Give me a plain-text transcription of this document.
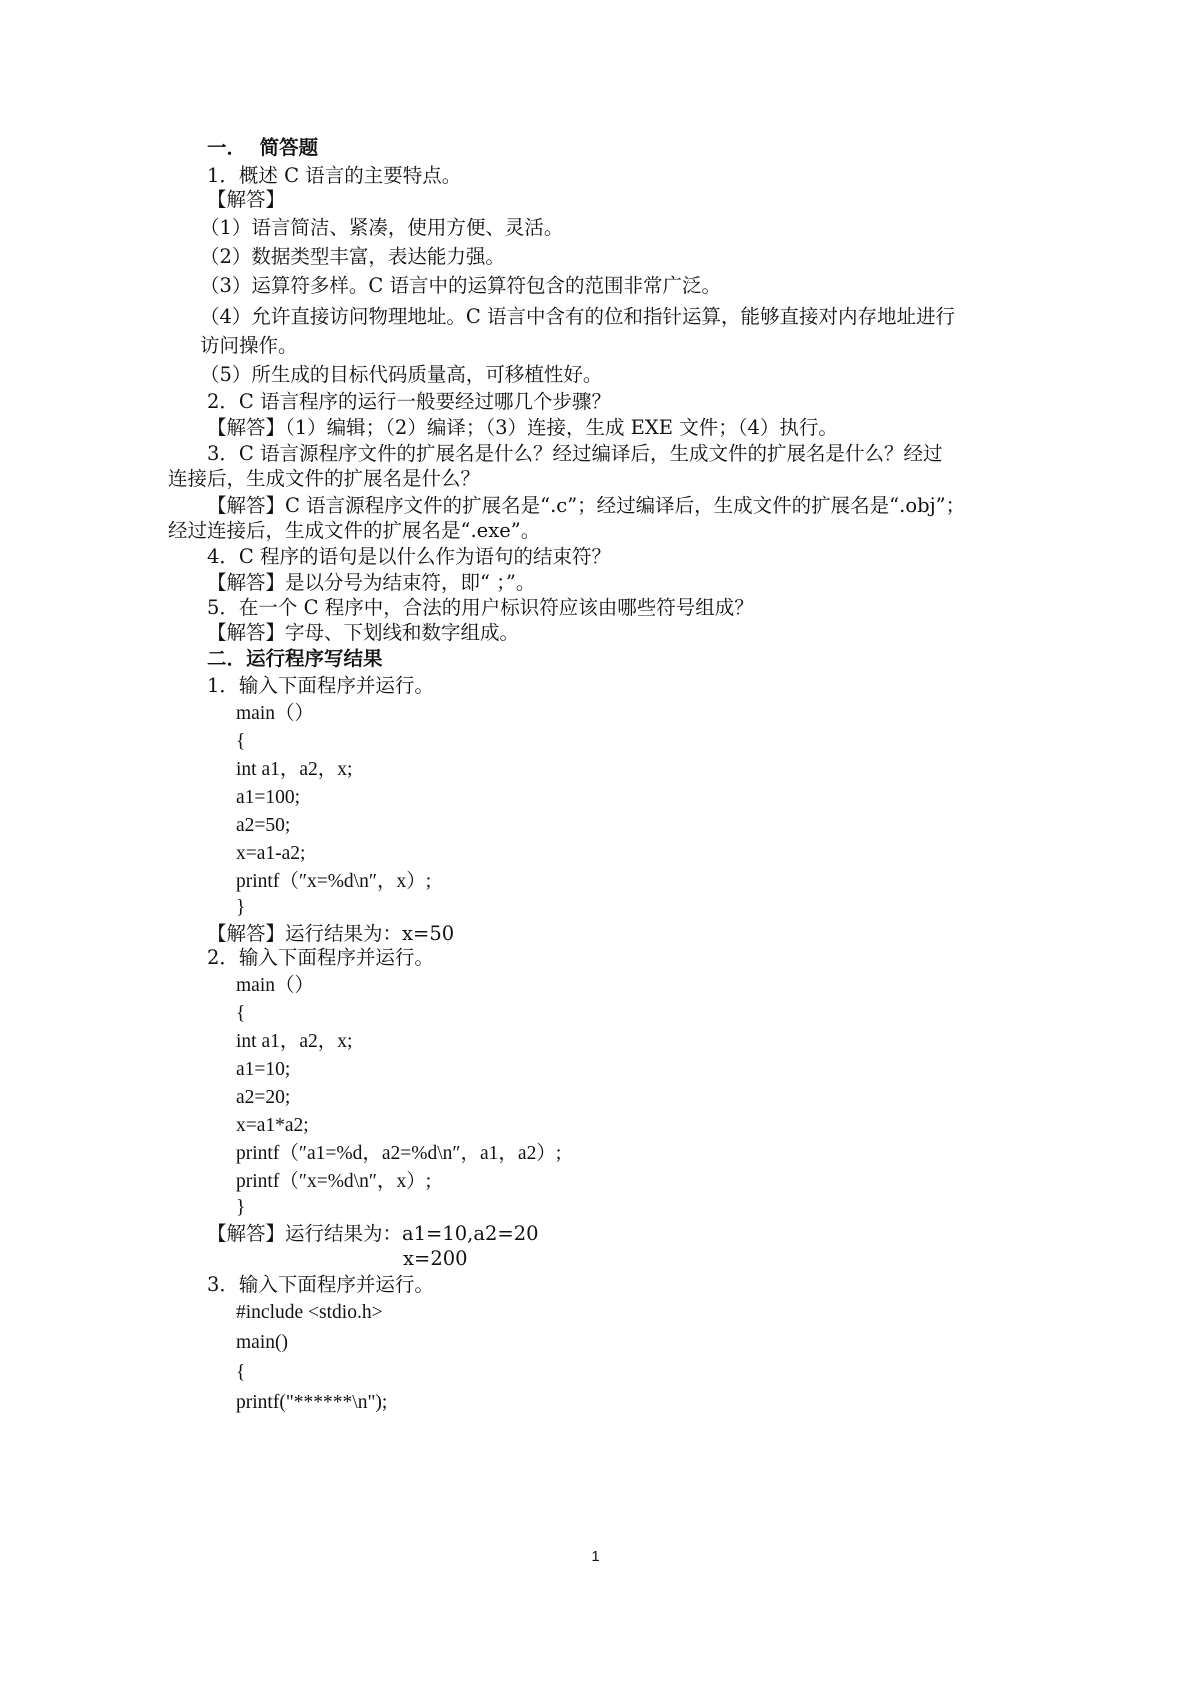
一．  简答题
1．概述 C 语言的主要特点。
【解答】
（1）语言简洁、紧凑，使用方便、灵活。
（2）数据类型丰富，表达能力强。
（3）运算符多样。C 语言中的运算符包含的范围非常广泛。
（4）允许直接访问物理地址。C 语言中含有的位和指针运算，能够直接对内存地址进行
访问操作。
（5）所生成的目标代码质量高，可移植性好。
2．C 语言程序的运行一般要经过哪几个步骤？
【解答】（1）编辑；（2）编译；（3）连接，生成 EXE 文件；（4）执行。
3．C 语言源程序文件的扩展名是什么？经过编译后，生成文件的扩展名是什么？经过
连接后，生成文件的扩展名是什么？
【解答】C 语言源程序文件的扩展名是“.c”；经过编译后，生成文件的扩展名是“.obj”；
经过连接后，生成文件的扩展名是“.exe”。
4．C 程序的语句是以什么作为语句的结束符？
【解答】是以分号为结束符，即“ ；”。
5．在一个 C 程序中，合法的用户标识符应该由哪些符号组成？
【解答】字母、下划线和数字组成。
二．运行程序写结果
1．输入下面程序并运行。
main（）
{
int a1，a2，x;
a1=100;
a2=50;
x=a1-a2;
printf（″x=%d\n″，x）;
}
【解答】运行结果为：x=50
2．输入下面程序并运行。
main（）
{
int a1，a2，x;
a1=10;
a2=20;
x=a1*a2;
printf（″a1=%d，a2=%d\n″，a1，a2）;
printf（″x=%d\n″，x）;
}
【解答】运行结果为：a1=10,a2=20
x=200
3．输入下面程序并运行。
#include <stdio.h>
main()
{
printf("******\n");
1
